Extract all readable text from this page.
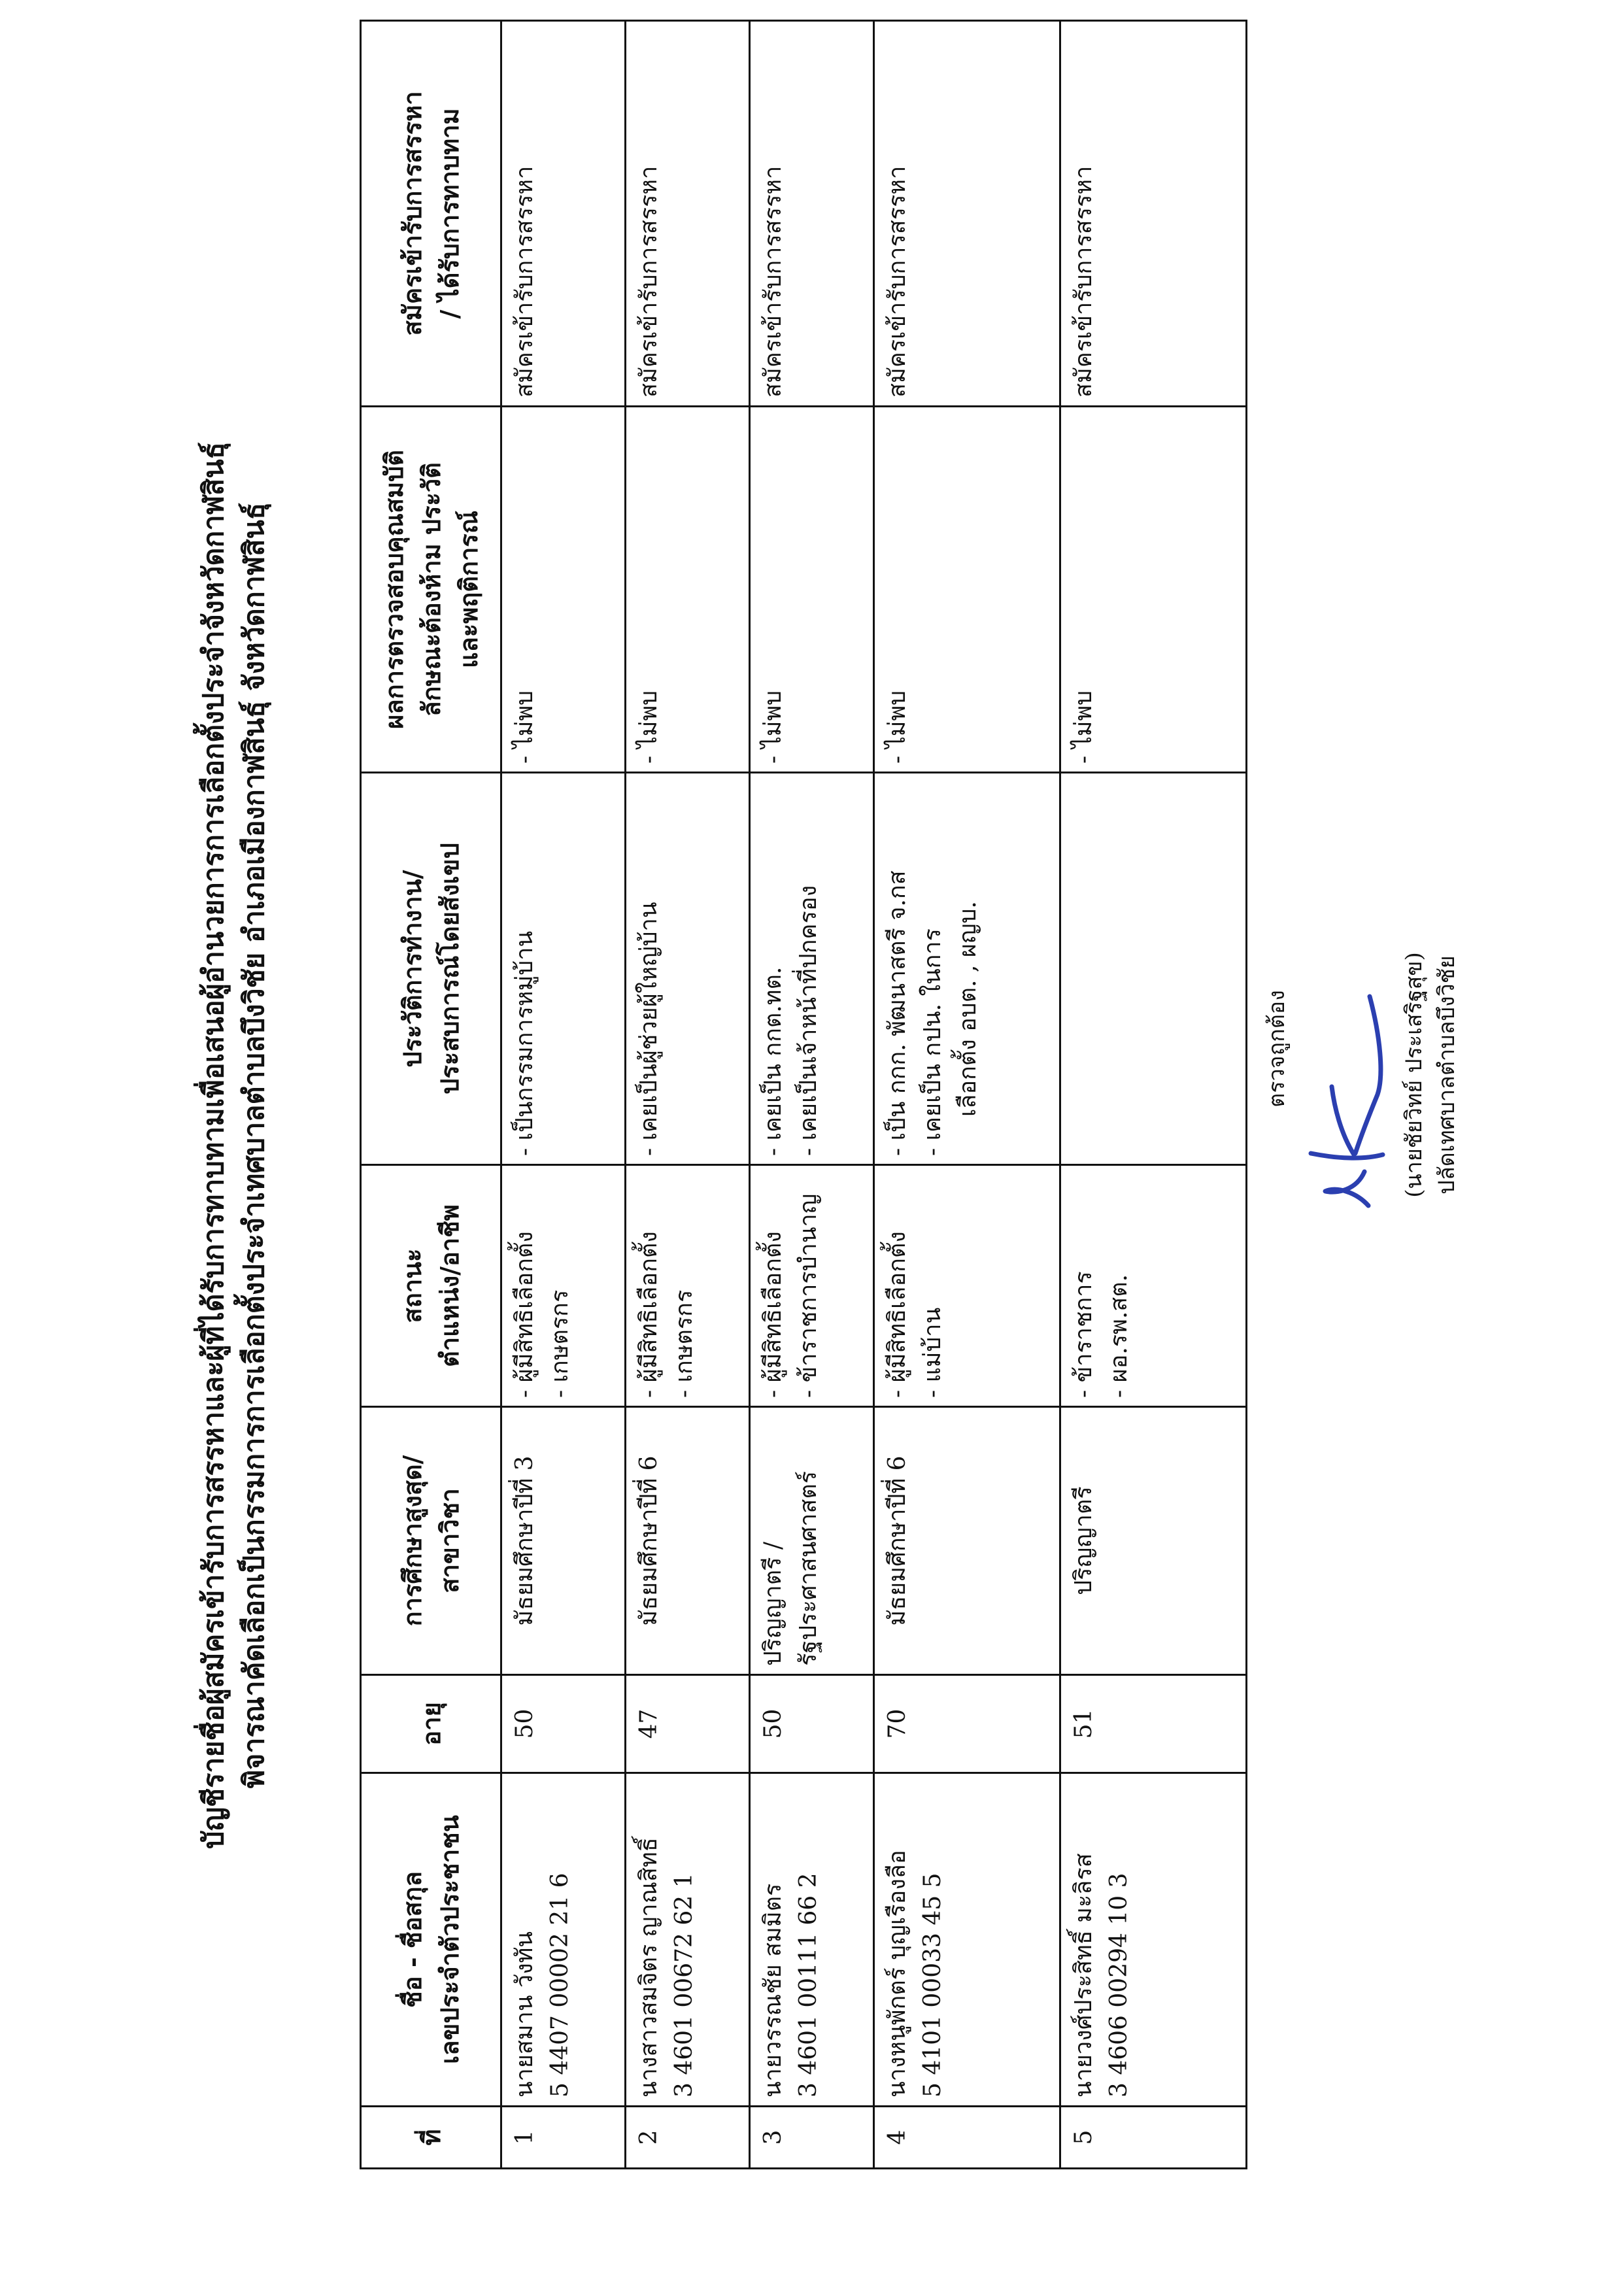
บัญชีรายชื่อผู้สมัครเข้ารับการสรรหาและผู้ที่ได้รับการทาบทามเพื่อเสนอผู้อำนวยการการเลือกตั้งประจำจังหวัดกาฬสินธุ์ พิจารณาคัดเลือกเป็นกรรมการการเลือกตั้งประจำเทศบาลตำบลบึงวิชัย อำเภอเมืองกาฬสินธุ์ จังหวัดกาฬสินธุ์
ที่	ชื่อ - ชื่อสกุล เลขประจำตัวประชาชน	อายุ	การศึกษาสูงสุด/ สาขาวิชา	สถานะ ตำแหน่ง/อาชีพ	ประวัติการทำงาน/ ประสบการณ์โดยสังเขป	ผลการตรวจสอบคุณสมบัติ ลักษณะต้องห้าม ประวัติ และพฤติการณ์	สมัครเข้ารับการสรรหา / ได้รับการทาบทาม

1	นายสมาน วังทัน 5 4407 00002 21 6	50	มัธยมศึกษาปีที่ 3	- ผู้มีสิทธิเลือกตั้ง - เกษตรกร	- เป็นกรรมการหมู่บ้าน	- ไม่พบ	สมัครเข้ารับการสรรหา

2	นางสาวสมจิตร ญาณสิทธิ์ 3 4601 00672 62 1	47	มัธยมศึกษาปีที่ 6	- ผู้มีสิทธิเลือกตั้ง - เกษตรกร	- เคยเป็นผู้ช่วยผู้ใหญ่บ้าน	- ไม่พบ	สมัครเข้ารับการสรรหา

3	นายวรรณชัย สมมิตร 3 4601 00111 66 2	50	ปริญญาตรี / รัฐประศาสนศาสตร์	- ผู้มีสิทธิเลือกตั้ง - ข้าราชการบำนาญ	- เคยเป็น กกต.ทต. - เคยเป็นเจ้าหน้าที่ปกครอง	- ไม่พบ	สมัครเข้ารับการสรรหา

4	นางหนูพักตร์ บุญเรืองลือ 5 4101 00033 45 5	70	มัธยมศึกษาปีที่ 6	- ผู้มีสิทธิเลือกตั้ง - แม่บ้าน	- เป็น กกก. พัฒนาสตรี จ.กส - เคยเป็น กปน. ในการ เลือกตั้ง อบต. , ผญบ.	- ไม่พบ	สมัครเข้ารับการสรรหา

5	นายวงศ์ประสิทธิ์ มะลิรส 3 4606 00294 10 3	51	ปริญญาตรี	- ข้าราชการ - ผอ.รพ.สต.		- ไม่พบ	สมัครเข้ารับการสรรหา
ตรวจถูกต้อง	(นายชัยวิทย์ ประเสริฐสุข) ปลัดเทศบาลตำบลบึงวิชัย
